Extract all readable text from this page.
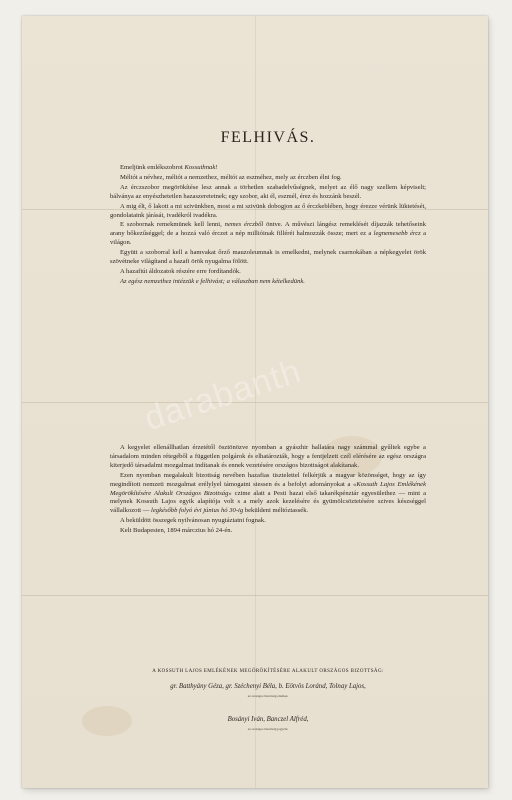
FELHIVÁS.

Emeljünk emlékszobrot Kossuthnak!

Méltót a névhez, méltót a nemzethez, méltót az eszméhez, mely az érczben élni fog.

Az érczszobor megörökítése lesz annak a törhetlen szabadelvűségnek, melyet az élő nagy szellem képviselt; bálványa az enyészhetetlen hazaszeretetnek; egy szobor, aki él, eszmél, érez és hozzánk beszél.

A mig élt, ő lakott a mi szivünkben, most a mi szivünk dobogjon az ő érczkeblében, hogy érezze vérünk lüktetését, gondolataink járását, ivadékról ivadékra.

E szobornak remekmünek kell lenni, nemes érczből öntve. A művészi lángész remeklését díjazzák tehetőseink arany bőkezűséggel; de a hozzá való érczet a nép millióinak filléréi halmozzák össze; mert ez a legnemesebb ércz a világon.

Együtt a szoborral kell a hamvakat őrző mauzoleumnak is emelkedni, melynek csarnokában a népkegyelet örök szövétneke világítand a hazafi örök nyugalma fölött.

A hazafiúi áldozatok részére erre fordítandók.

Az egész nemzethez intézzük e felhivást; a válaszban nem kételkedünk.

A kegyelet ellenállhatlan érzetétől ösztönözve nyomban a gyászhir hallatára nagy számmal gyűltek egybe a társadalom minden rétegéből a független polgárok és elhatározták, hogy a fentjelzett czél elérésére az egész országra kiterjedő társadalmi mozgalmat indítanak és ennek vezetésére országos bizottságot alakítanak.

Ezen nyomban megalakult bizottság nevében hazafias tisztelettel felkérjük a magyar közönséget, hogy az így megindított nemzeti mozgalmat erélylyel támogatni siessen és a befolyt adományokat a «Kossuth Lajos Emlékének Megörökítésére Alakult Országos Bizottság» czime alatt a Pesti hazai első takarékpénztár egyesülethez — mint a melynek Kossuth Lajos egyik alapítója volt s a mely azok kezelésére és gyümölcsöztetésére szives készséggel vállalkozott — legkésőbb folyó évi június hó 30-ig beküldeni méltóztassék.

A beküldött összegek nyilvánosan nyugtáztatni fognak.

Kelt Budapesten, 1894 márczius hó 24-én.

A KOSSUTH LAJOS EMLÉKÉNEK MEGÖRÖKÍTÉSÉRE ALAKULT ORSZÁGOS BIZOTTSÁG:
gr. Batthyány Géza, gr. Széchenyi Béla, b. Eötvös Loránd, Tolnay Lajos,
az országos bizottság elnökei.
Bosányi Iván, Banczel Alfréd,
az országos bizottság jegyzői.
darabanth
